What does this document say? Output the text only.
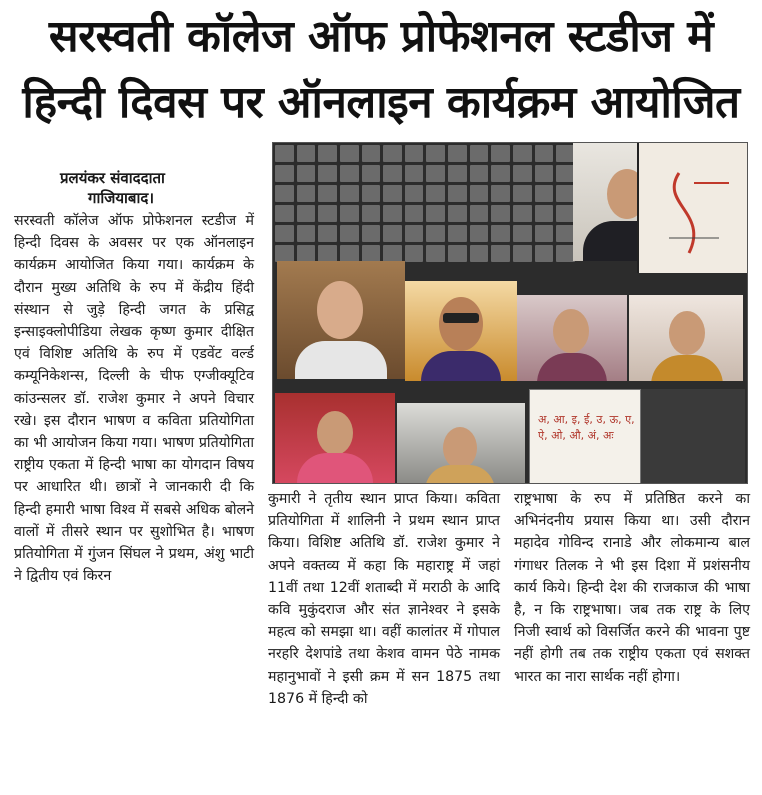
सरस्वती कॉलेज ऑफ प्रोफेशनल स्टडीज में
हिन्दी दिवस पर ऑनलाइन कार्यक्रम आयोजित
प्रलयंकर संवाददाता
गाजियाबाद।

सरस्वती कॉलेज ऑफ प्रोफेशनल स्टडीज में हिन्दी दिवस के अवसर पर एक ऑनलाइन कार्यक्रम आयोजित किया गया। कार्यक्रम के दौरान मुख्य अतिथि के रुप में केंद्रीय हिंदी संस्थान से जुड़े हिन्दी जगत के प्रसिद्व इन्साइक्लोपीडिया लेखक कृष्ण कुमार दीक्षित एवं विशिष्ट अतिथि के रुप में एडवेंट वर्ल्ड कम्यूनिकेशन्स, दिल्ली के चीफ एग्जीक्यूटिव कांउन्सलर डॉ. राजेश कुमार ने अपने विचार रखे। इस दौरान भाषण व कविता प्रतियोगिता का भी आयोजन किया गया। भाषण प्रतियोगिता राष्ट्रीय एकता में हिन्दी भाषा का योगदान विषय पर आधारित थी। छात्रों ने जानकारी दी कि हिन्दी हमारी भाषा विश्व में सबसे अधिक बोलने वालों में तीसरे स्थान पर सुशोभित है। भाषण प्रतियोगिता में गुंजन सिंघल ने प्रथम, अंशु भाटी ने द्वितीय एवं किरन

अ, आ, इ, ई, उ, ऊ, ए, ऐ, ओ, औ, अं, अः

कुमारी ने तृतीय स्थान प्राप्त किया। कविता प्रतियोगिता में शालिनी ने प्रथम स्थान प्राप्त किया। विशिष्ट अतिथि डॉ. राजेश कुमार ने अपने वक्तव्य में कहा कि महाराष्ट्र में जहां 11वीं तथा 12वीं शताब्दी में मराठी के आदि कवि मुकुंदराज और संत ज्ञानेश्वर ने इसके महत्व को समझा था। वहीं कालांतर में गोपाल नरहरि देशपांडे तथा केशव वामन पेठे नामक महानुभावों ने इसी क्रम में सन 1875 तथा 1876 में हिन्दी को

राष्ट्रभाषा के रुप में प्रतिष्ठित करने का अभिनंदनीय प्रयास किया था। उसी दौरान महादेव गोविन्द रानाडे और लोकमान्य बाल गंगाधर तिलक ने भी इस दिशा में प्रशंसनीय कार्य किये। हिन्दी देश की राजकाज की भाषा है, न कि राष्ट्रभाषा। जब तक राष्ट्र के लिए निजी स्वार्थ को विसर्जित करने की भावना पुष्ट नहीं होगी तब तक राष्ट्रीय एकता एवं सशक्त भारत का नारा सार्थक नहीं होगा।
